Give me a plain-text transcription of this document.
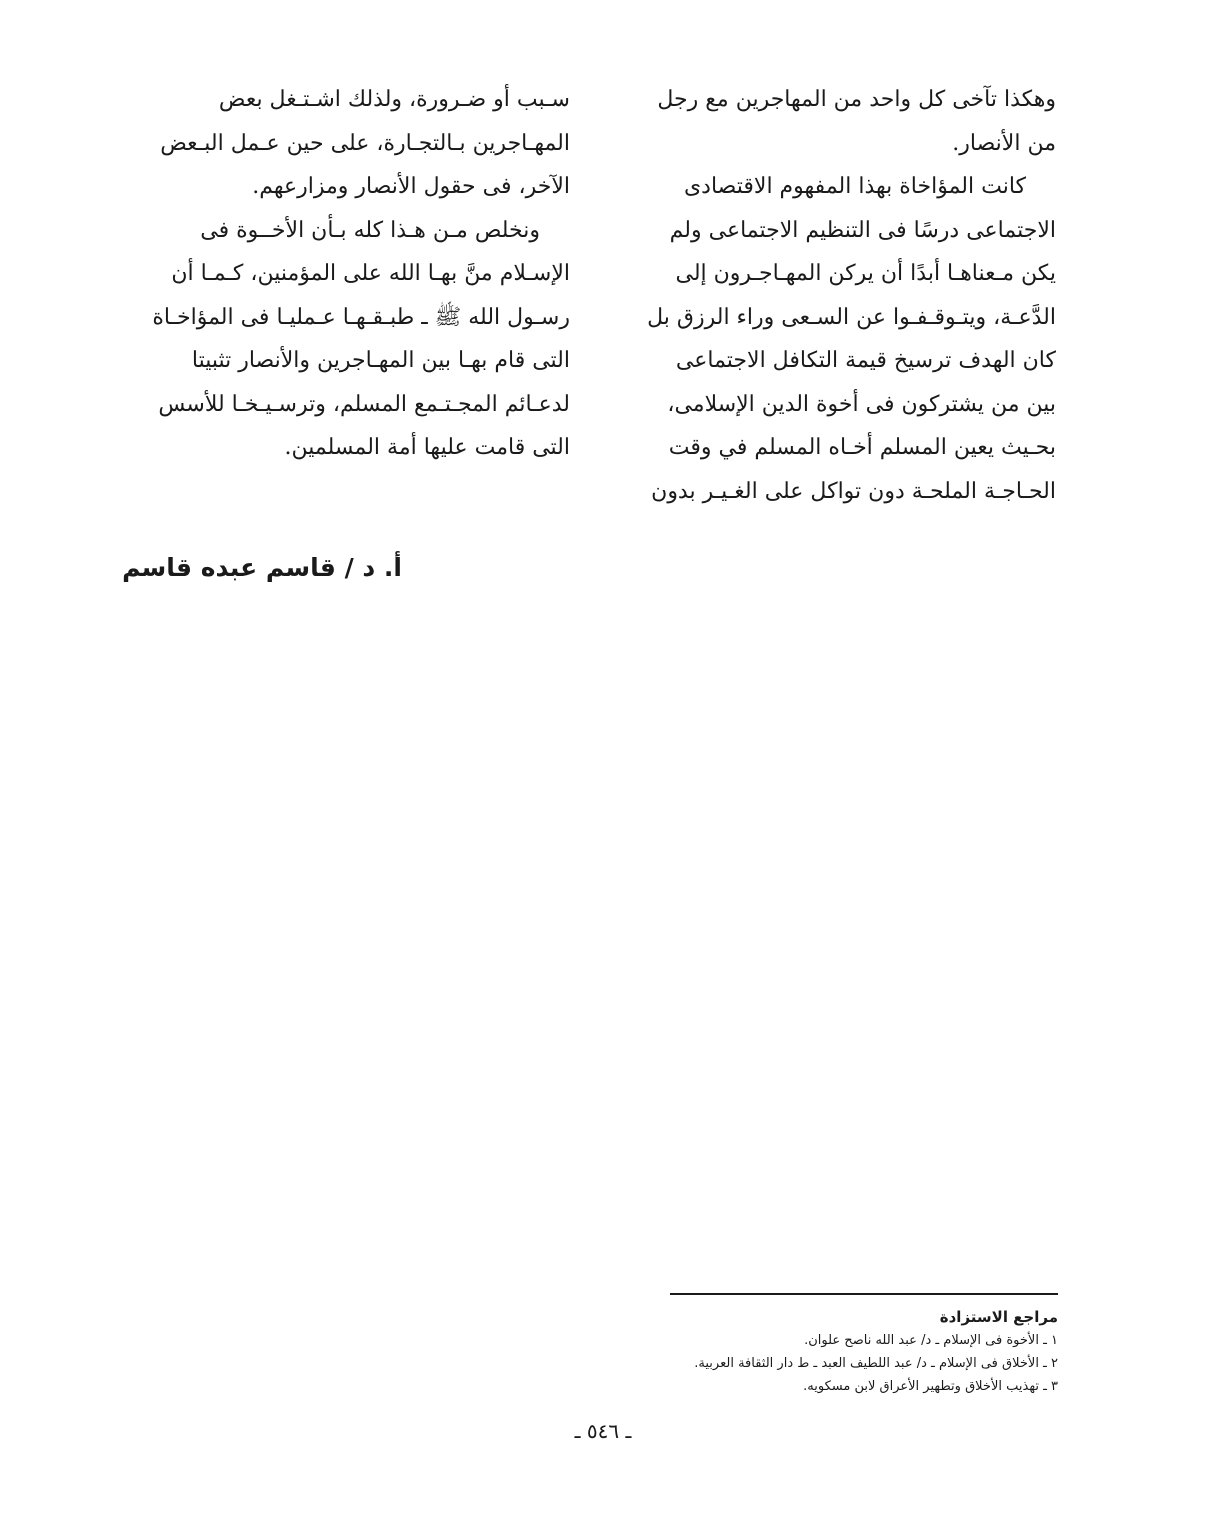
وهكذا تآخى كل واحد من المهاجرين مع رجل
من الأنصار.
كانت المؤاخاة بهذا المفهوم الاقتصادى
الاجتماعى درسًا فى التنظيم الاجتماعى ولم
يكن مـعناهـا أبدًا أن يركن المهـاجـرون إلى
الدَّعـة، ويتـوقـفـوا عن السـعى وراء الرزق بل
كان الهدف ترسيخ قيمة التكافل الاجتماعى
بين من يشتركون فى أخوة الدين الإسلامى،
بحـيث يعين المسلم أخـاه المسلم في وقت
الحـاجـة الملحـة دون تواكل على الغـيـر بدون
سـبب أو ضـرورة، ولذلك اشـتـغل بعض
المهـاجرين بـالتجـارة، على حين عـمل البـعض
الآخر، فى حقول الأنصار ومزارعهم.
ونخلص مـن هـذا كله بـأن الأخــوة فى
الإسـلام منَّ بهـا الله على المؤمنين، كـمـا أن
رسـول الله ﷺ ـ طبـقـهـا عـمليـا فى المؤاخـاة
التى قام بهـا بين المهـاجرين والأنصار تثبيتا
لدعـائم المجـتـمع المسلم، وترسـيـخـا للأسس
التى قامت عليها أمة المسلمين.
أ. د / قاسم عبده قاسم
مراجع الاستزادة
١ ـ الأخوة فى الإسلام ـ د/ عبد الله ناصح علوان.
٢ ـ الأخلاق فى الإسلام ـ د/ عبد اللطيف العبد ـ ط دار الثقافة العربية.
٣ ـ تهذيب الأخلاق وتطهير الأعراق لابن مسكويه.
ـ ٥٤٦ ـ
